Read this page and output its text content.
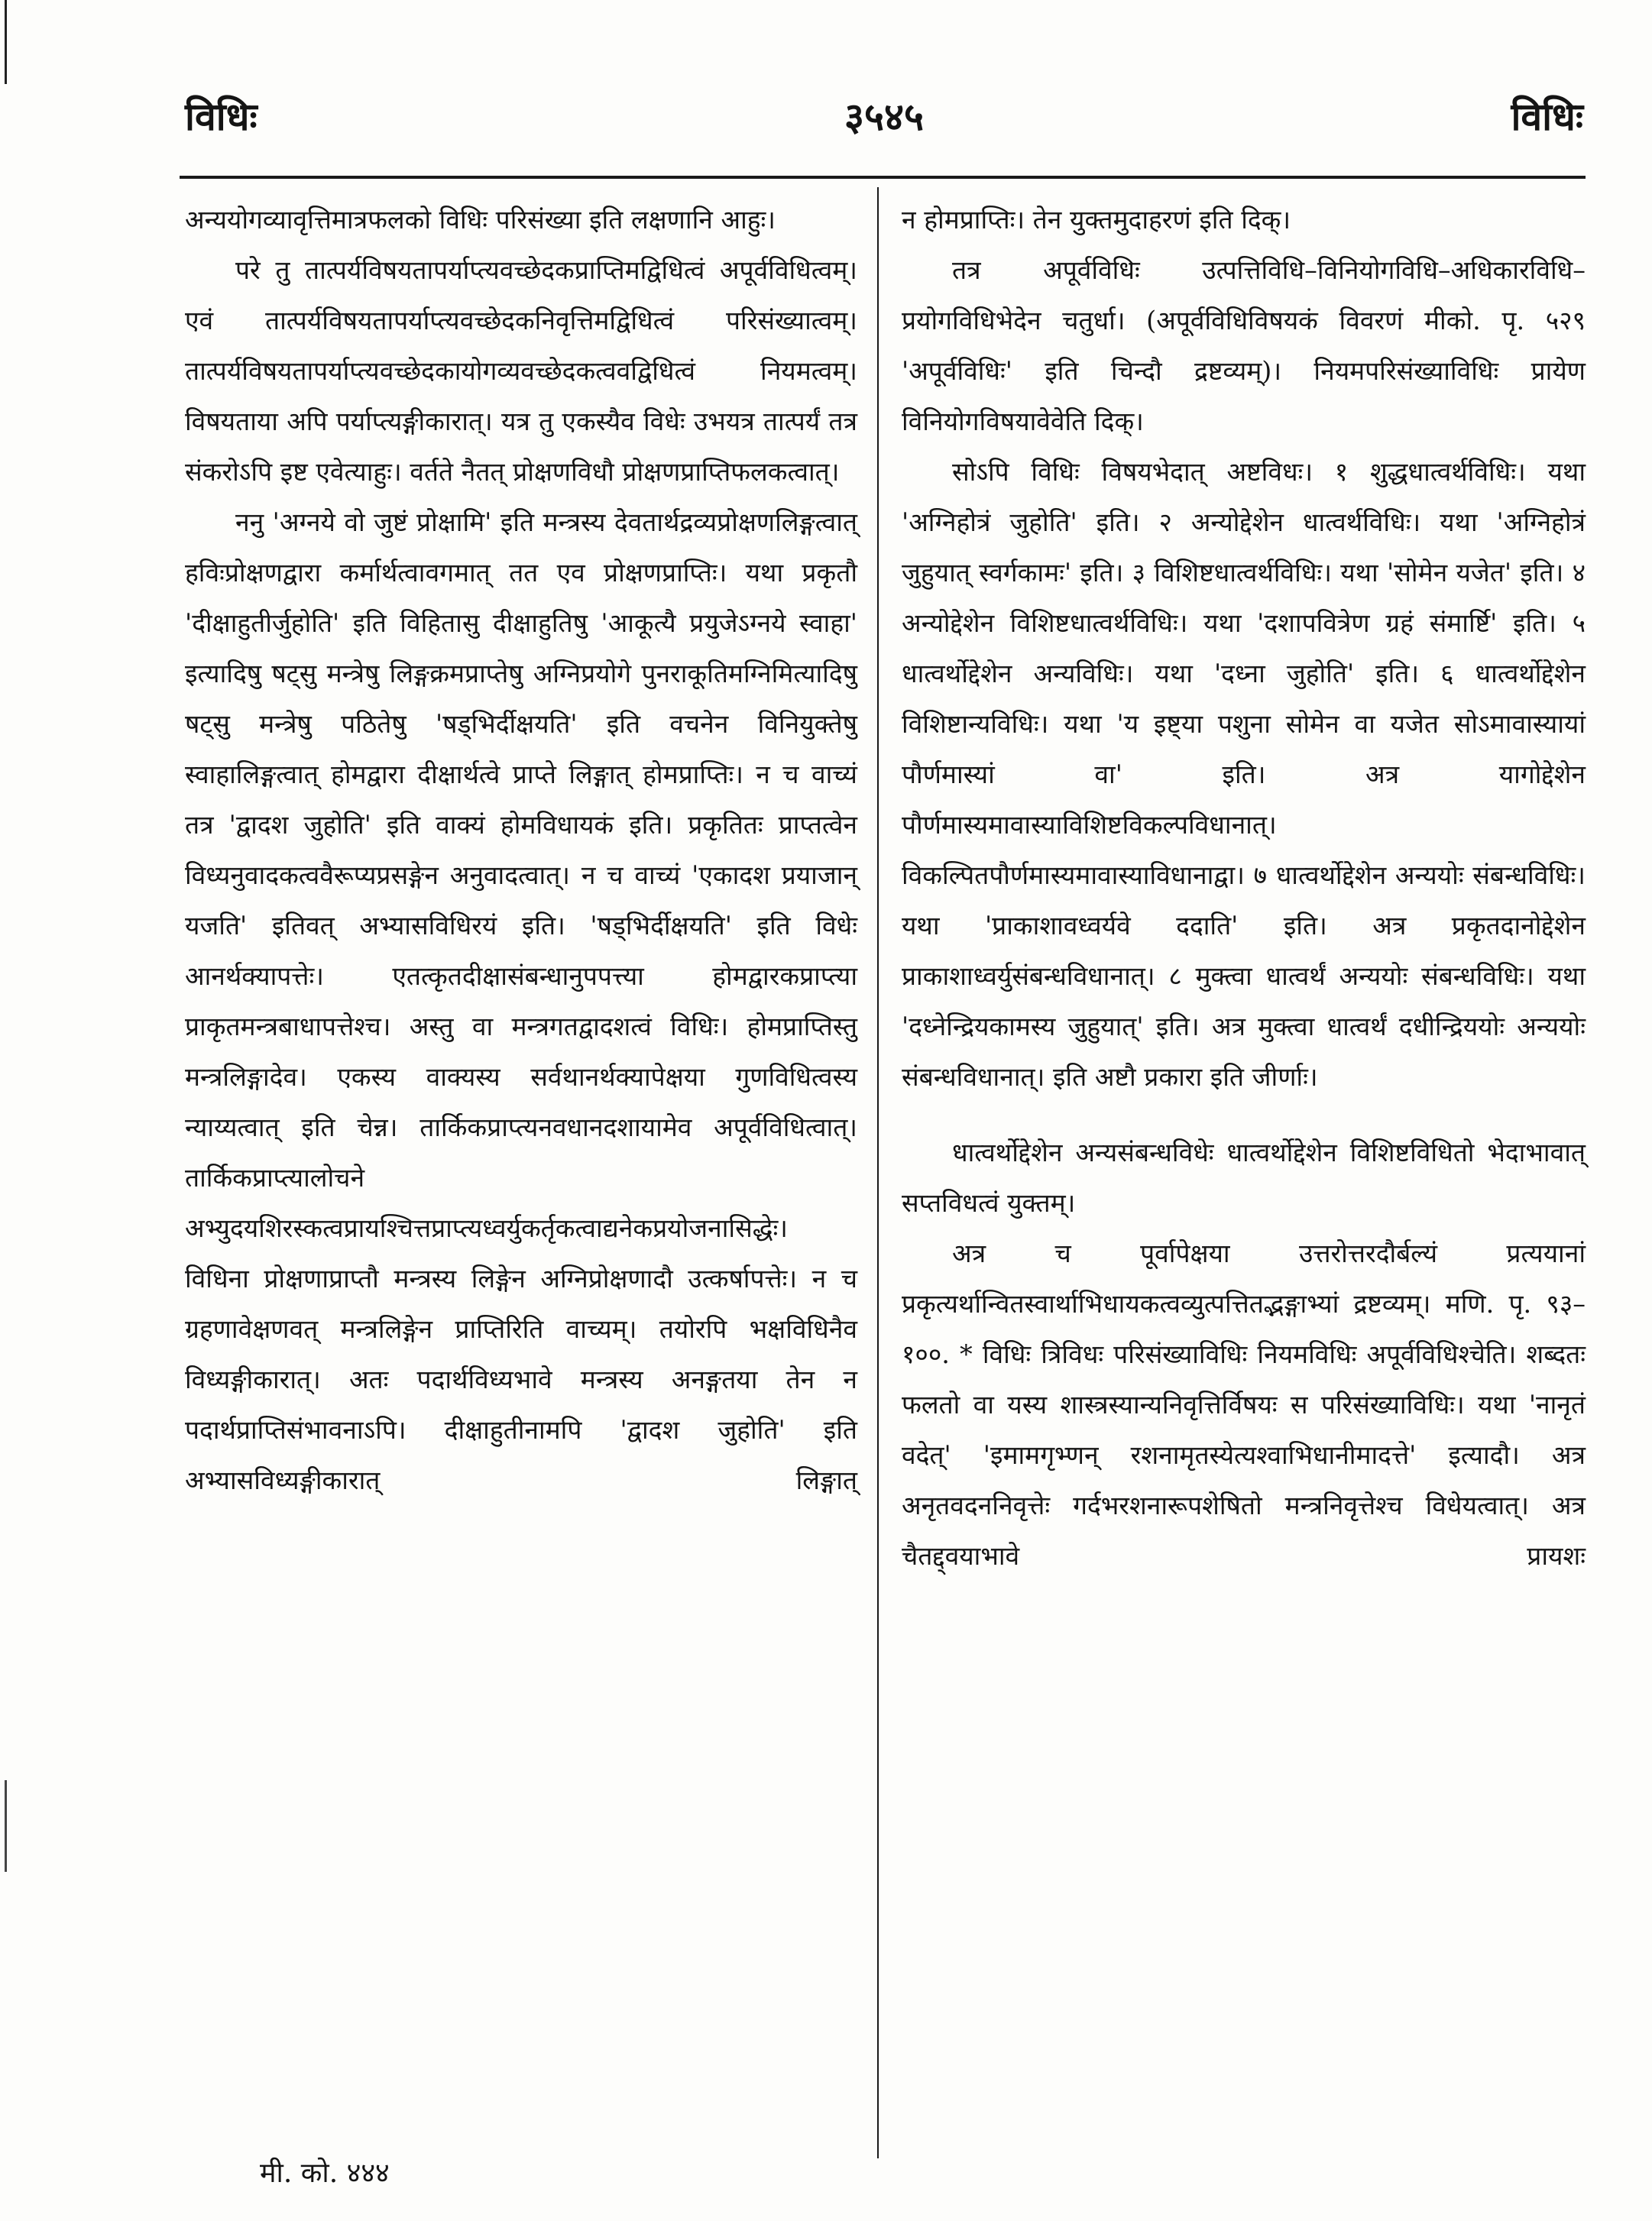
३५४५
विधिः	विधिः

अन्ययोगव्यावृत्तिमात्रफलको विधिः परिसंख्या इति लक्षणानि आहुः।

परे तु तात्पर्यविषयतापर्याप्त्यवच्छेदकप्राप्तिमद्विधित्वं अपूर्वविधित्वम्। एवं तात्पर्यविषयतापर्याप्त्यवच्छेदकनिवृत्तिमद्विधित्वं परिसंख्यात्वम्। तात्पर्यविषयतापर्याप्त्यवच्छेदकायोगव्यवच्छेदकत्ववद्विधित्वं नियमत्वम्। विषयताया अपि पर्याप्त्यङ्गीकारात्। यत्र तु एकस्यैव विधेः उभयत्र तात्पर्यं तत्र संकरोऽपि इष्ट एवेत्याहुः। वर्तते नैतत् प्रोक्षणविधौ प्रोक्षणप्राप्तिफलकत्वात्।

ननु 'अग्नये वो जुष्टं प्रोक्षामि' इति मन्त्रस्य देवतार्थद्रव्यप्रोक्षणलिङ्गत्वात् हविःप्रोक्षणद्वारा कर्मार्थत्वावगमात् तत एव प्रोक्षणप्राप्तिः। यथा प्रकृतौ 'दीक्षाहुतीर्जुहोति' इति विहितासु दीक्षाहुतिषु 'आकूत्यै प्रयुजेऽग्नये स्वाहा' इत्यादिषु षट्सु मन्त्रेषु लिङ्गक्रमप्राप्तेषु अग्निप्रयोगे पुनराकूतिमग्निमित्यादिषु षट्सु मन्त्रेषु पठितेषु 'षड्भिर्दीक्षयति' इति वचनेन विनियुक्तेषु स्वाहालिङ्गत्वात् होमद्वारा दीक्षार्थत्वे प्राप्ते लिङ्गात् होमप्राप्तिः। न च वाच्यं तत्र 'द्वादश जुहोति' इति वाक्यं होमविधायकं इति। प्रकृतितः प्राप्तत्वेन विध्यनुवादकत्ववैरूप्यप्रसङ्गेन अनुवादत्वात्। न च वाच्यं 'एकादश प्रयाजान् यजति' इतिवत् अभ्यासविधिरयं इति। 'षड्भिर्दीक्षयति' इति विधेः आनर्थक्यापत्तेः। एतत्कृतदीक्षासंबन्धानुपपत्त्या होमद्वारकप्राप्त्या प्राकृतमन्त्रबाधापत्तेश्च। अस्तु वा मन्त्रगतद्वादशत्वं विधिः। होमप्राप्तिस्तु मन्त्रलिङ्गादेव। एकस्य वाक्यस्य सर्वथानर्थक्यापेक्षया गुणविधित्वस्य न्याय्यत्वात् इति चेन्न। तार्किकप्राप्त्यनवधानदशायामेव अपूर्वविधित्वात्। तार्किकप्राप्त्यालोचने अभ्युदयशिरस्कत्वप्रायश्चित्तप्राप्त्यध्वर्युकर्तृकत्वाद्यनेकप्रयोजनासिद्धेः। विधिना प्रोक्षणाप्राप्तौ मन्त्रस्य लिङ्गेन अग्निप्रोक्षणादौ उत्कर्षापत्तेः। न च ग्रहणावेक्षणवत् मन्त्रलिङ्गेन प्राप्तिरिति वाच्यम्। तयोरपि भक्षविधिनैव विध्यङ्गीकारात्। अतः पदार्थविध्यभावे मन्त्रस्य अनङ्गतया तेन न पदार्थप्राप्तिसंभावनाऽपि। दीक्षाहुतीनामपि 'द्वादश जुहोति' इति अभ्यासविध्यङ्गीकारात् लिङ्गात्

न होमप्राप्तिः। तेन युक्तमुदाहरणं इति दिक्।

तत्र अपूर्वविधिः उत्पत्तिविधि–विनियोगविधि–अधिकारविधि–प्रयोगविधिभेदेन चतुर्धा। (अपूर्वविधिविषयकं विवरणं मीको. पृ. ५२९ 'अपूर्वविधिः' इति चिन्दौ द्रष्टव्यम्)। नियमपरिसंख्याविधिः प्रायेण विनियोगविषयावेवेति दिक्।

सोऽपि विधिः विषयभेदात् अष्टविधः। १ शुद्धधात्वर्थविधिः। यथा 'अग्निहोत्रं जुहोति' इति। २ अन्योद्देशेन धात्वर्थविधिः। यथा 'अग्निहोत्रं जुहुयात् स्वर्गकामः' इति। ३ विशिष्टधात्वर्थविधिः। यथा 'सोमेन यजेत' इति। ४ अन्योद्देशेन विशिष्टधात्वर्थविधिः। यथा 'दशापवित्रेण ग्रहं संमार्ष्टि' इति। ५ धात्वर्थोद्देशेन अन्यविधिः। यथा 'दध्ना जुहोति' इति। ६ धात्वर्थोद्देशेन विशिष्टान्यविधिः। यथा 'य इष्ट्या पशुना सोमेन वा यजेत सोऽमावास्यायां पौर्णमास्यां वा' इति। अत्र यागोद्देशेन पौर्णमास्यमावास्याविशिष्टविकल्पविधानात्। विकल्पितपौर्णमास्यमावास्याविधानाद्वा। ७ धात्वर्थोद्देशेन अन्ययोः संबन्धविधिः। यथा 'प्राकाशावध्वर्यवे ददाति' इति। अत्र प्रकृतदानोद्देशेन प्राकाशाध्वर्युसंबन्धविधानात्। ८ मुक्त्वा धात्वर्थं अन्ययोः संबन्धविधिः। यथा 'दध्नेन्द्रियकामस्य जुहुयात्' इति। अत्र मुक्त्वा धात्वर्थं दधीन्द्रिययोः अन्ययोः संबन्धविधानात्। इति अष्टौ प्रकारा इति जीर्णाः।

धात्वर्थोद्देशेन अन्यसंबन्धविधेः धात्वर्थोद्देशेन विशिष्टविधितो भेदाभावात् सप्तविधत्वं युक्तम्।

अत्र च पूर्वापेक्षया उत्तरोत्तरदौर्बल्यं प्रत्ययानां प्रकृत्यर्थान्वितस्वार्थाभिधायकत्वव्युत्पत्तितद्भङ्गाभ्यां द्रष्टव्यम्। मणि. पृ. ९३–१००. * विधिः त्रिविधः परिसंख्याविधिः नियमविधिः अपूर्वविधिश्चेति। शब्दतः फलतो वा यस्य शास्त्रस्यान्यनिवृत्तिर्विषयः स परिसंख्याविधिः। यथा 'नानृतं वदेत्' 'इमामगृभ्णन् रशनामृतस्येत्यश्वाभिधानीमादत्ते' इत्यादौ। अत्र अनृतवदननिवृत्तेः गर्दभरशनारूपशेषितो मन्त्रनिवृत्तेश्च विधेयत्वात्। अत्र चैतद्द्वयाभावे प्रायशः

मी. को. ४४४
